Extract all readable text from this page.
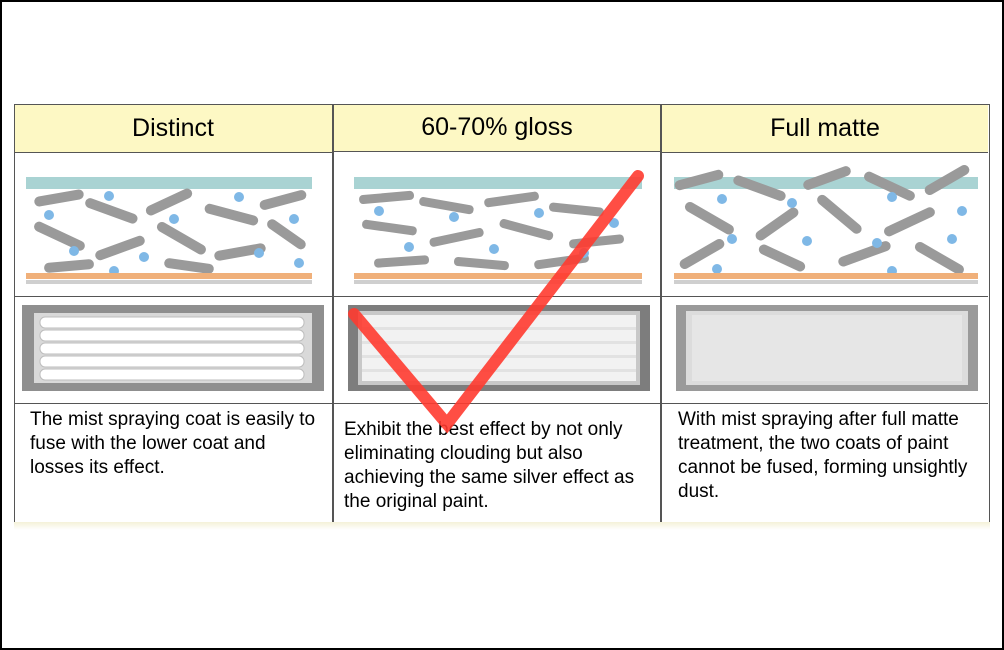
Distinct
The mist spraying coat is easily to fuse with the lower coat and losses its effect.
60-70% gloss
Exhibit the best effect by not only eliminating clouding but also achieving the same silver effect as the original paint.
Full matte
With mist spraying after full matte treatment, the two coats of paint cannot be fused, forming unsightly dust.
